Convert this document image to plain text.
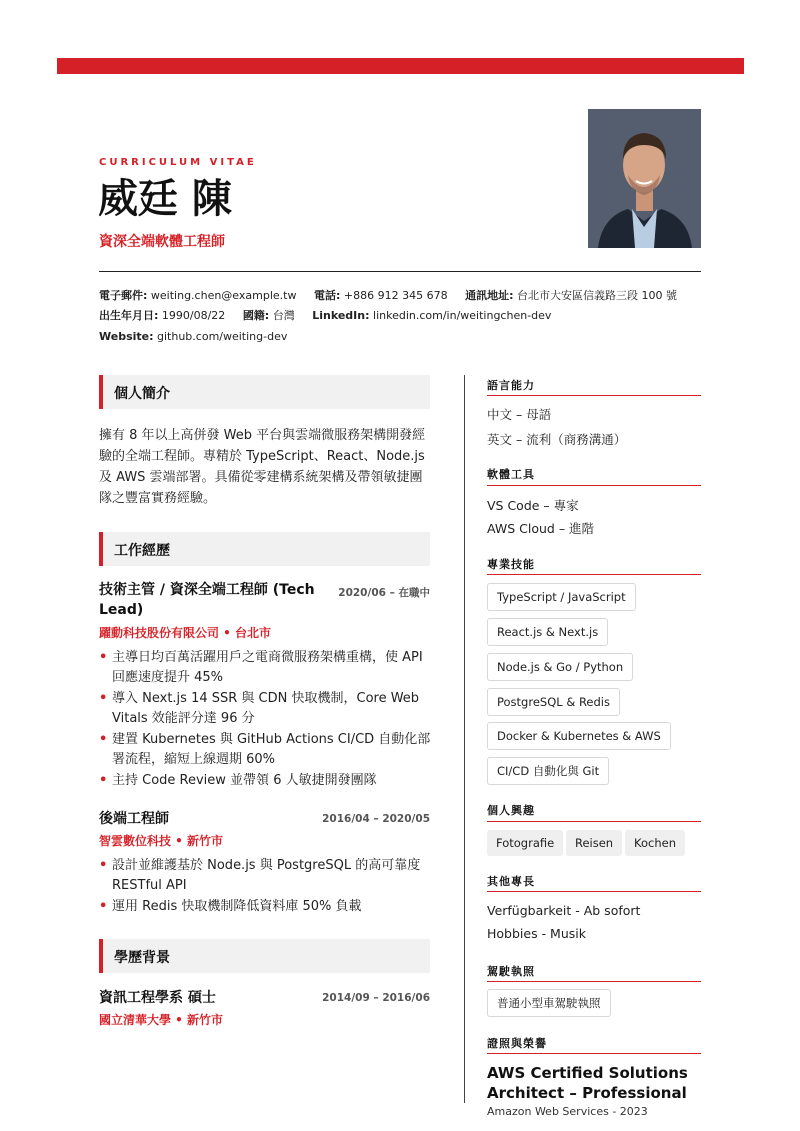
CURRICULUM VITAE
威廷 陳
資深全端軟體工程師
電子郵件: weiting.chen@example.tw 電話: +886 912 345 678 通訊地址: 台北市大安區信義路三段 100 號
出生年月日: 1990/08/22 國籍: 台灣 LinkedIn: linkedin.com/in/weitingchen-dev
Website: github.com/weiting-dev
個人簡介
擁有 8 年以上高併發 Web 平台與雲端微服務架構開發經驗的全端工程師。專精於 TypeScript、React、Node.js 及 AWS 雲端部署。具備從零建構系統架構及帶領敏捷團隊之豐富實務經驗。
工作經歷
技術主管 / 資深全端工程師 (Tech Lead)
2020/06 – 在職中
躍動科技股份有限公司 • 台北市
• 主導日均百萬活躍用戶之電商微服務架構重構，使 API 回應速度提升 45%
• 導入 Next.js 14 SSR 與 CDN 快取機制，Core Web Vitals 效能評分達 96 分
• 建置 Kubernetes 與 GitHub Actions CI/CD 自動化部署流程，縮短上線週期 60%
• 主持 Code Review 並帶領 6 人敏捷開發團隊
後端工程師	2016/04 – 2020/05
智雲數位科技 • 新竹市
• 設計並維護基於 Node.js 與 PostgreSQL 的高可靠度 RESTful API
• 運用 Redis 快取機制降低資料庫 50% 負載
學歷背景
資訊工程學系 碩士	2014/09 – 2016/06
國立清華大學 • 新竹市
語言能力
中文 – 母語
英文 – 流利（商務溝通）
軟體工具
VS Code – 專家
AWS Cloud – 進階
專業技能
TypeScript / JavaScript
React.js & Next.js
Node.js & Go / Python
PostgreSQL & Redis
Docker & Kubernetes & AWS
CI/CD 自動化與 Git
個人興趣
Fotografie	Reisen	Kochen
其他專長
Verfügbarkeit - Ab sofort
Hobbies - Musik
駕駛執照
普通小型車駕駛執照
證照與榮譽
AWS Certified Solutions Architect – Professional
Amazon Web Services - 2023
